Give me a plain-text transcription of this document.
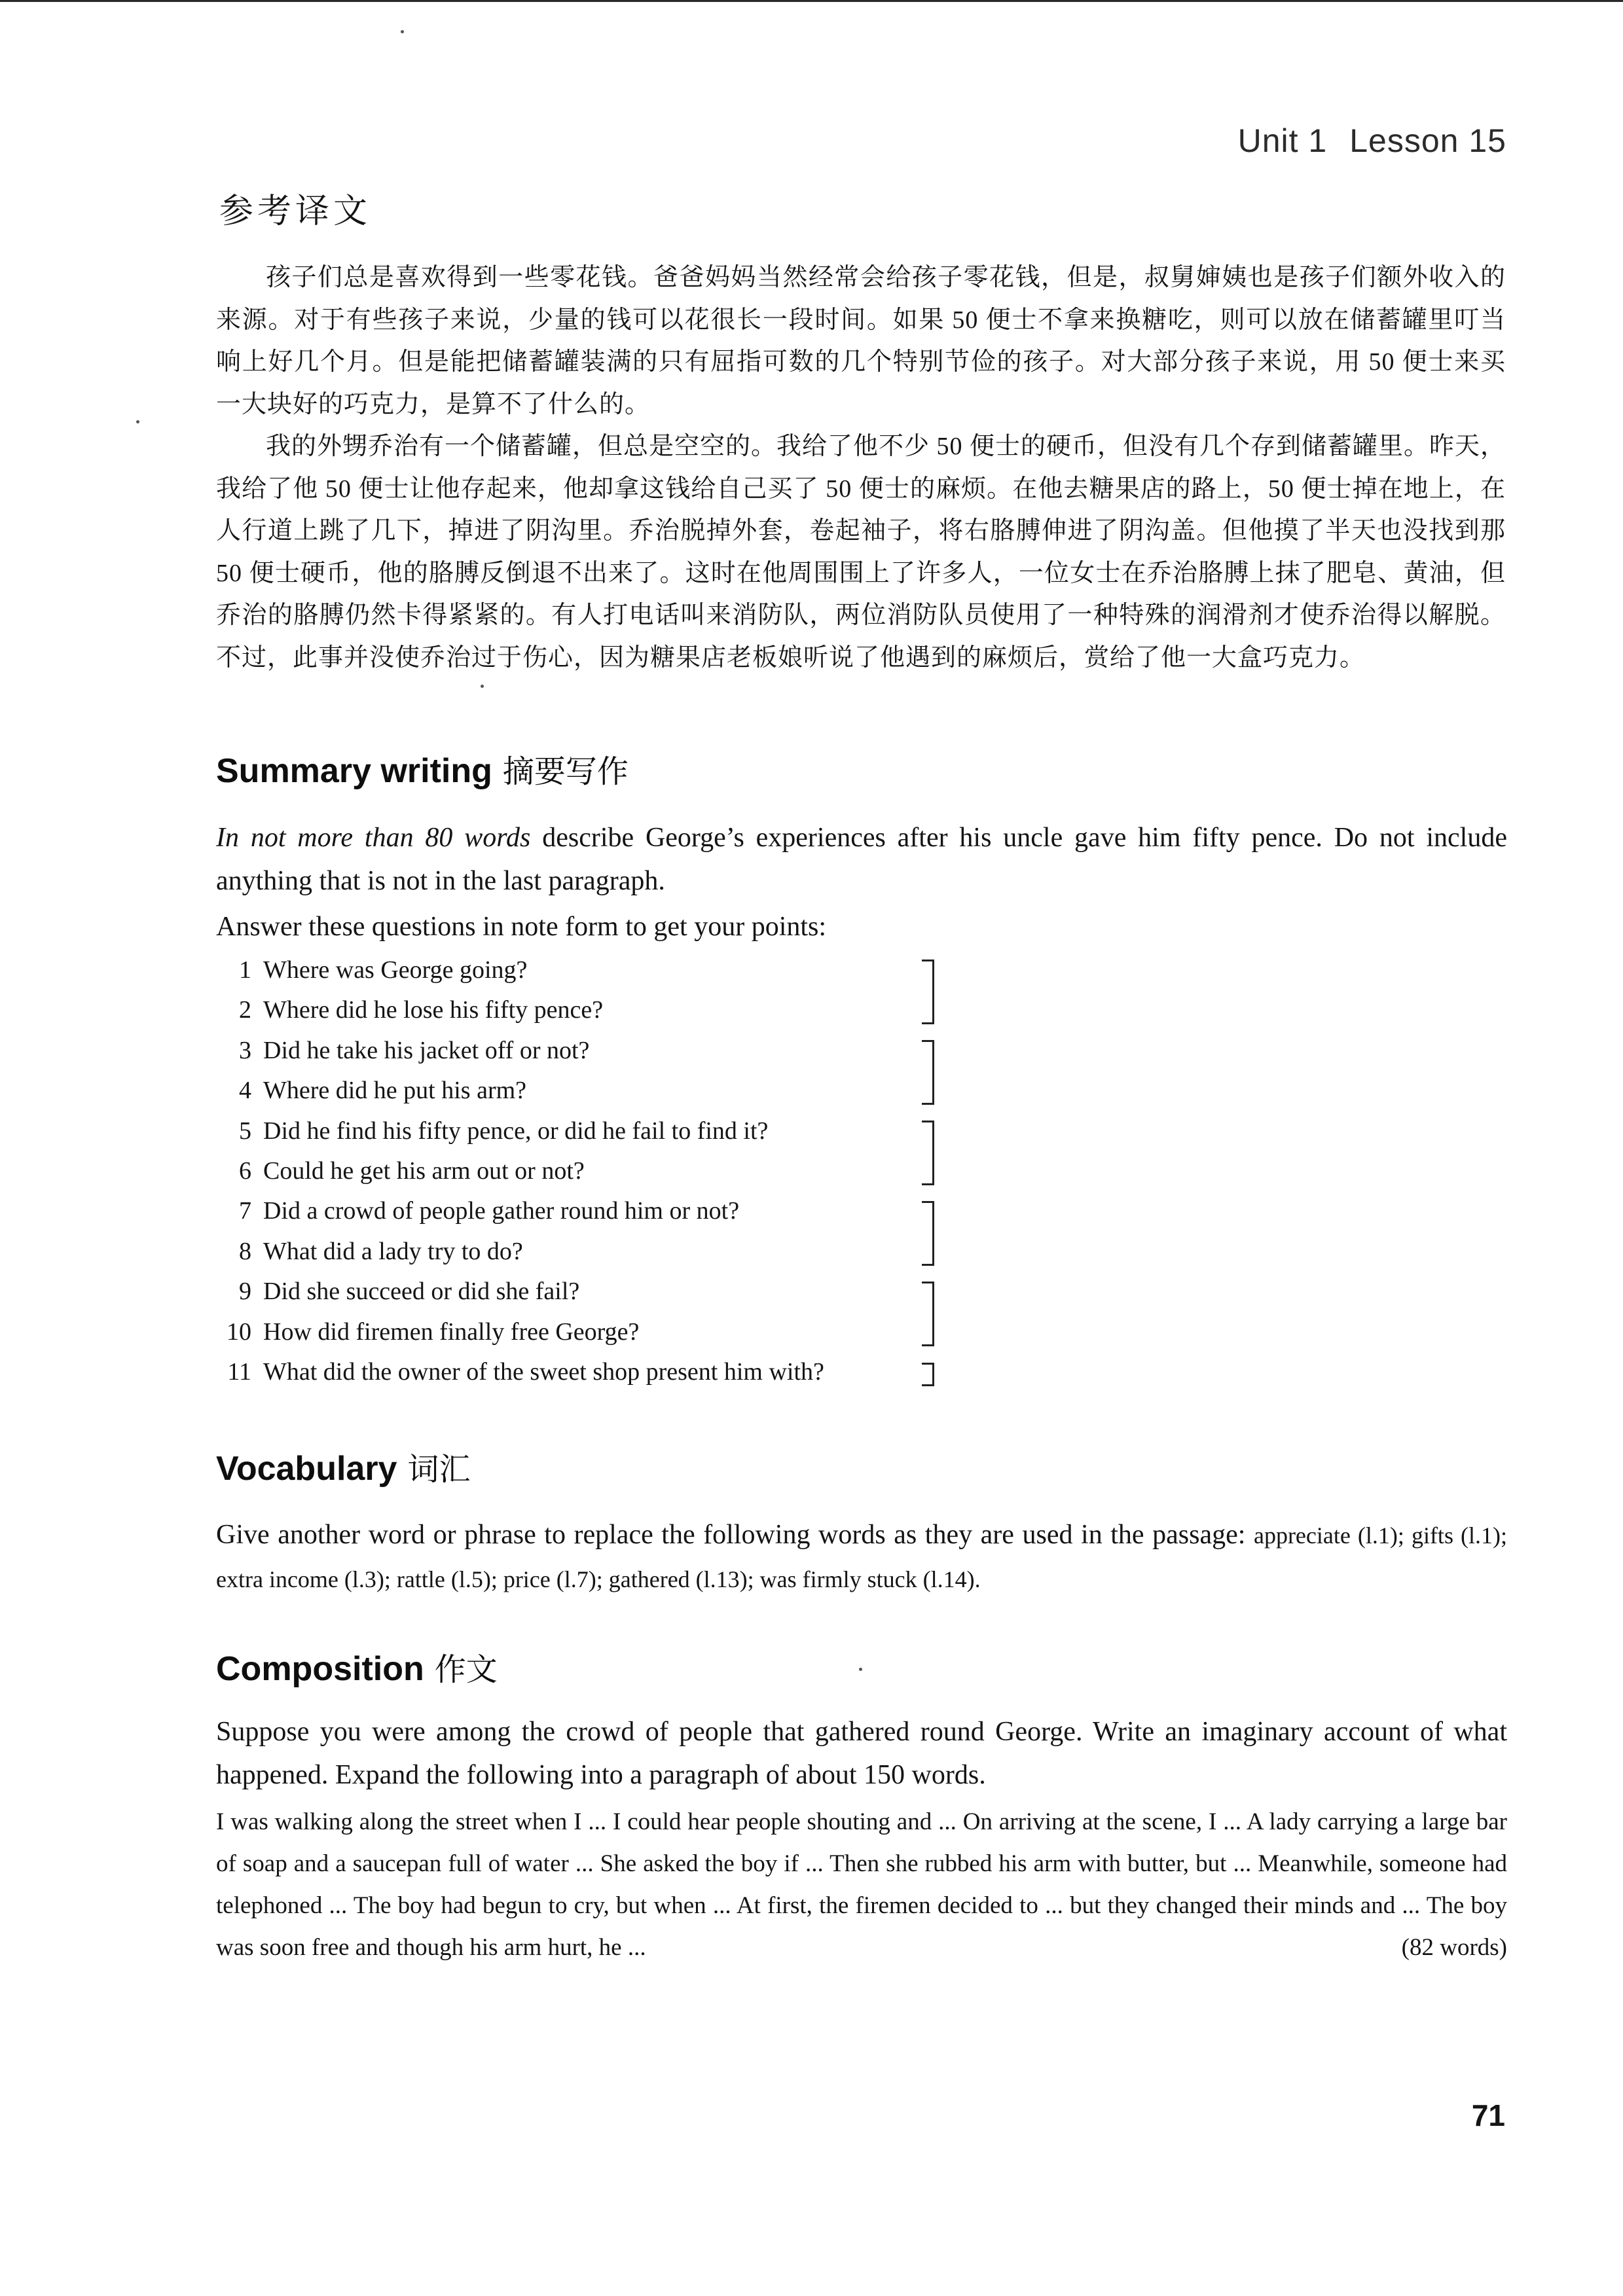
Unit 1 Lesson 15
参考译文

孩子们总是喜欢得到一些零花钱。爸爸妈妈当然经常会给孩子零花钱，但是，叔舅婶姨也是孩子们额外收入的来源。对于有些孩子来说，少量的钱可以花很长一段时间。如果 50 便士不拿来换糖吃，则可以放在储蓄罐里叮当响上好几个月。但是能把储蓄罐装满的只有屈指可数的几个特别节俭的孩子。对大部分孩子来说，用 50 便士来买一大块好的巧克力，是算不了什么的。

我的外甥乔治有一个储蓄罐，但总是空空的。我给了他不少 50 便士的硬币，但没有几个存到储蓄罐里。昨天，我给了他 50 便士让他存起来，他却拿这钱给自己买了 50 便士的麻烦。在他去糖果店的路上，50 便士掉在地上，在人行道上跳了几下，掉进了阴沟里。乔治脱掉外套，卷起袖子，将右胳膊伸进了阴沟盖。但他摸了半天也没找到那 50 便士硬币，他的胳膊反倒退不出来了。这时在他周围围上了许多人，一位女士在乔治胳膊上抹了肥皂、黄油，但乔治的胳膊仍然卡得紧紧的。有人打电话叫来消防队，两位消防队员使用了一种特殊的润滑剂才使乔治得以解脱。不过，此事并没使乔治过于伤心，因为糖果店老板娘听说了他遇到的麻烦后，赏给了他一大盒巧克力。

Summary writing 摘要写作

In not more than 80 words describe George’s experiences after his uncle gave him fifty pence. Do not include anything that is not in the last paragraph.

Answer these questions in note form to get your points:

1 Where was George going?
2 Where did he lose his fifty pence?
3 Did he take his jacket off or not?
4 Where did he put his arm?
5 Did he find his fifty pence, or did he fail to find it?
6 Could he get his arm out or not?
7 Did a crowd of people gather round him or not?
8 What did a lady try to do?
9 Did she succeed or did she fail?
10 How did firemen finally free George?
11 What did the owner of the sweet shop present him with?
Vocabulary 词汇

Give another word or phrase to replace the following words as they are used in the passage: appreciate (l.1); gifts (l.1); extra income (l.3); rattle (l.5); price (l.7); gathered (l.13); was firmly stuck (l.14).

Composition 作文

Suppose you were among the crowd of people that gathered round George. Write an imaginary account of what happened. Expand the following into a paragraph of about 150 words.

I was walking along the street when I ... I could hear people shouting and ... On arriving at the scene, I ... A lady carrying a large bar of soap and a saucepan full of water ... She asked the boy if ... Then she rubbed his arm with butter, but ... Meanwhile, someone had telephoned ... The boy had begun to cry, but when ... At first, the firemen decided to ... but they changed their minds and ... The boy was soon free and though his arm hurt, he ...	(82 words)

71
